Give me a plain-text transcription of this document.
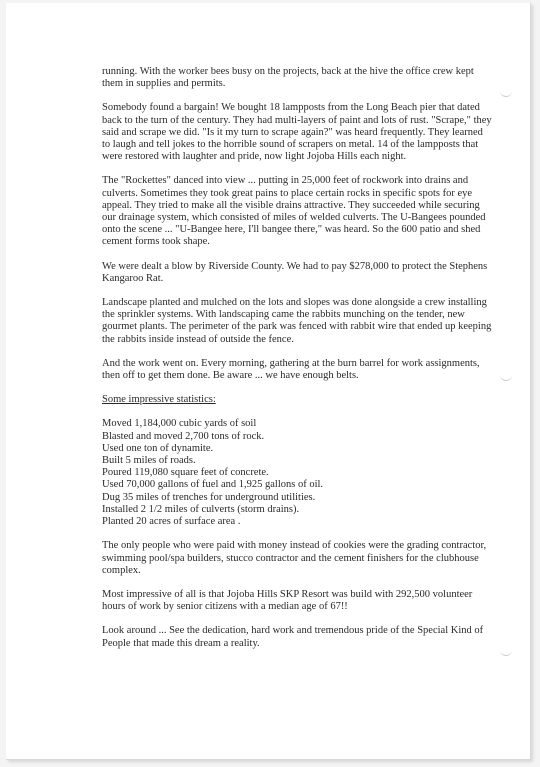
running. With the worker bees busy on the projects, back at the hive the office crew kept them in supplies and permits.

Somebody found a bargain! We bought 18 lampposts from the Long Beach pier that dated back to the turn of the century. They had multi-layers of paint and lots of rust. "Scrape," they said and scrape we did. "Is it my turn to scrape again?" was heard frequently. They learned to laugh and tell jokes to the horrible sound of scrapers on metal. 14 of the lampposts that were restored with laughter and pride, now light Jojoba Hills each night.

The "Rockettes" danced into view ... putting in 25,000 feet of rockwork into drains and culverts. Sometimes they took great pains to place certain rocks in specific spots for eye appeal. They tried to make all the visible drains attractive. They succeeded while securing our drainage system, which consisted of miles of welded culverts. The U-Bangees pounded onto the scene ... "U-Bangee here, I'll bangee there," was heard. So the 600 patio and shed cement forms took shape.

We were dealt a blow by Riverside County. We had to pay $278,000 to protect the Stephens Kangaroo Rat.

Landscape planted and mulched on the lots and slopes was done alongside a crew installing the sprinkler systems. With landscaping came the rabbits munching on the tender, new gourmet plants. The perimeter of the park was fenced with rabbit wire that ended up keeping the rabbits inside instead of outside the fence.

And the work went on. Every morning, gathering at the burn barrel for work assignments, then off to get them done. Be aware ... we have enough belts.

Some impressive statistics:

Moved 1,184,000 cubic yards of soil
Blasted and moved 2,700 tons of rock.
Used one ton of dynamite.
Built 5 miles of roads.
Poured 119,080 square feet of concrete.
Used 70,000 gallons of fuel and 1,925 gallons of oil.
Dug 35 miles of trenches for underground utilities.
Installed 2 1/2 miles of culverts (storm drains).
Planted 20 acres of surface area .

The only people who were paid with money instead of cookies were the grading contractor, swimming pool/spa builders, stucco contractor and the cement finishers for the clubhouse complex.

Most impressive of all is that Jojoba Hills SKP Resort was build with 292,500 volunteer hours of work by senior citizens with a median age of 67!!

Look around ... See the dedication, hard work and tremendous pride of the Special Kind of People that made this dream a reality.
